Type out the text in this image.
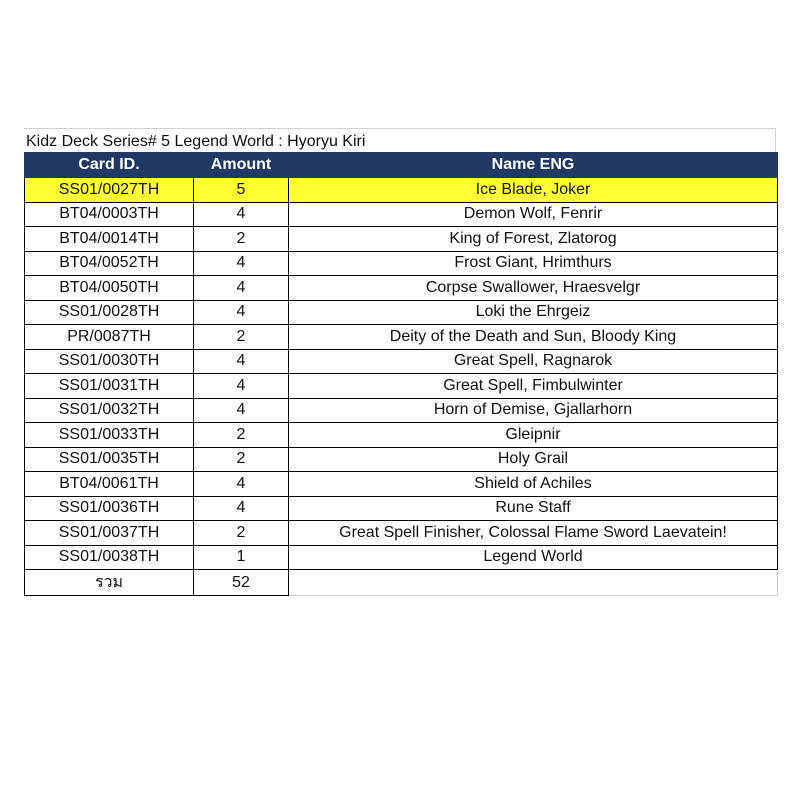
Kidz Deck Series# 5 Legend World : Hyoryu Kiri
Card ID.	Amount	Name ENG
SS01/0027TH	5	Ice Blade, Joker
BT04/0003TH	4	Demon Wolf, Fenrir
BT04/0014TH	2	King of Forest, Zlatorog
BT04/0052TH	4	Frost Giant, Hrimthurs
BT04/0050TH	4	Corpse Swallower, Hraesvelgr
SS01/0028TH	4	Loki the Ehrgeiz
PR/0087TH	2	Deity of the Death and Sun, Bloody King
SS01/0030TH	4	Great Spell, Ragnarok
SS01/0031TH	4	Great Spell, Fimbulwinter
SS01/0032TH	4	Horn of Demise, Gjallarhorn
SS01/0033TH	2	Gleipnir
SS01/0035TH	2	Holy Grail
BT04/0061TH	4	Shield of Achiles
SS01/0036TH	4	Rune Staff
SS01/0037TH	2	Great Spell Finisher, Colossal Flame Sword Laevatein!
SS01/0038TH	1	Legend World
รวม	52	
